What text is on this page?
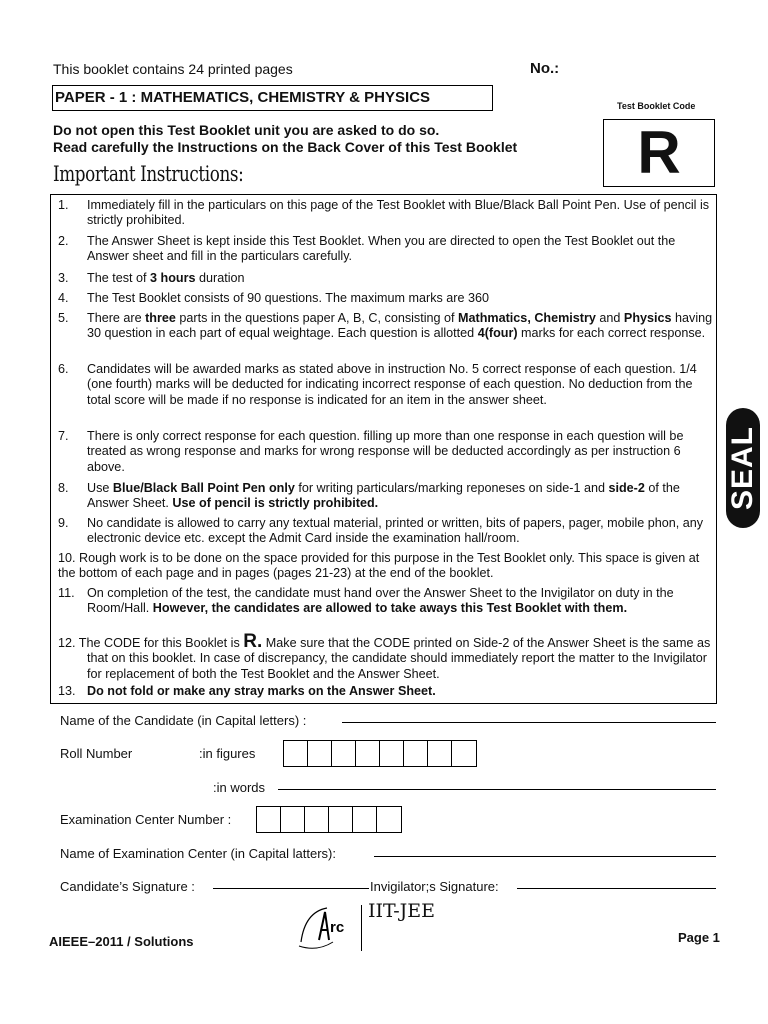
This booklet contains 24 printed pages	No.:
PAPER - 1 : MATHEMATICS, CHEMISTRY & PHYSICS	Test Booklet Code
R
Do not open this Test Booklet unit you are asked to do so.
Read carefully the Instructions on the Back Cover of this Test Booklet
Important Instructions:
1.	Immediately fill in the particulars on this page of the Test Booklet with Blue/Black Ball Point Pen. Use of pencil is strictly prohibited.
2.	The Answer Sheet is kept inside this Test Booklet. When you are directed to open the Test Booklet out the Answer sheet and fill in the particulars carefully.
3.	The test of 3 hours duration
4.	The Test Booklet consists of 90 questions. The maximum marks are 360
5.	There are three parts in the questions paper A, B, C, consisting of Mathmatics, Chemistry and Physics having 30 question in each part of equal weightage. Each question is allotted 4(four) marks for each correct response.
6.	Candidates will be awarded marks as stated above in instruction No. 5 correct response of each question. 1/4 (one fourth) marks will be deducted for indicating incorrect response of each question. No deduction from the total score will be made if no response is indicated for an item in the answer sheet.
7.	There is only correct response for each question. filling up more than one response in each question will be treated as wrong response and marks for wrong response will be deducted accordingly as per instruction 6 above.
8.	Use Blue/Black Ball Point Pen only for writing particulars/marking reponeses on side-1 and side-2 of the Answer Sheet. Use of pencil is strictly prohibited.
9.	No candidate is allowed to carry any textual material, printed or written, bits of papers, pager, mobile phon, any electronic device etc. except the Admit Card inside the examination hall/room.
10. Rough work is to be done on the space provided for this purpose in the Test Booklet only. This space is given at the bottom of each page and in pages (pages 21-23) at the end of the booklet.
11. On completion of the test, the candidate must hand over the Answer Sheet to the Invigilator on duty in the Room/Hall. However, the candidates are allowed to take aways this Test Booklet with them.
12. The CODE for this Booklet is R. Make sure that the CODE printed on Side-2 of the Answer Sheet is the same as that on this booklet. In case of discrepancy, the candidate should immediately report the matter to the Invigilator for replacement of both the Test Booklet and the Answer Sheet.
13. Do not fold or make any stray marks on the Answer Sheet.
Name of the Candidate (in Capital letters) :
Roll Number	:in figures
:in words
Examination Center Number :
Name of Examination Center (in Capital latters):
Candidate’s Signature :	Invigilator;s Signature:
SEAL
AIEEE–2011 / Solutions
rc
IIT-JEE
Page 1
